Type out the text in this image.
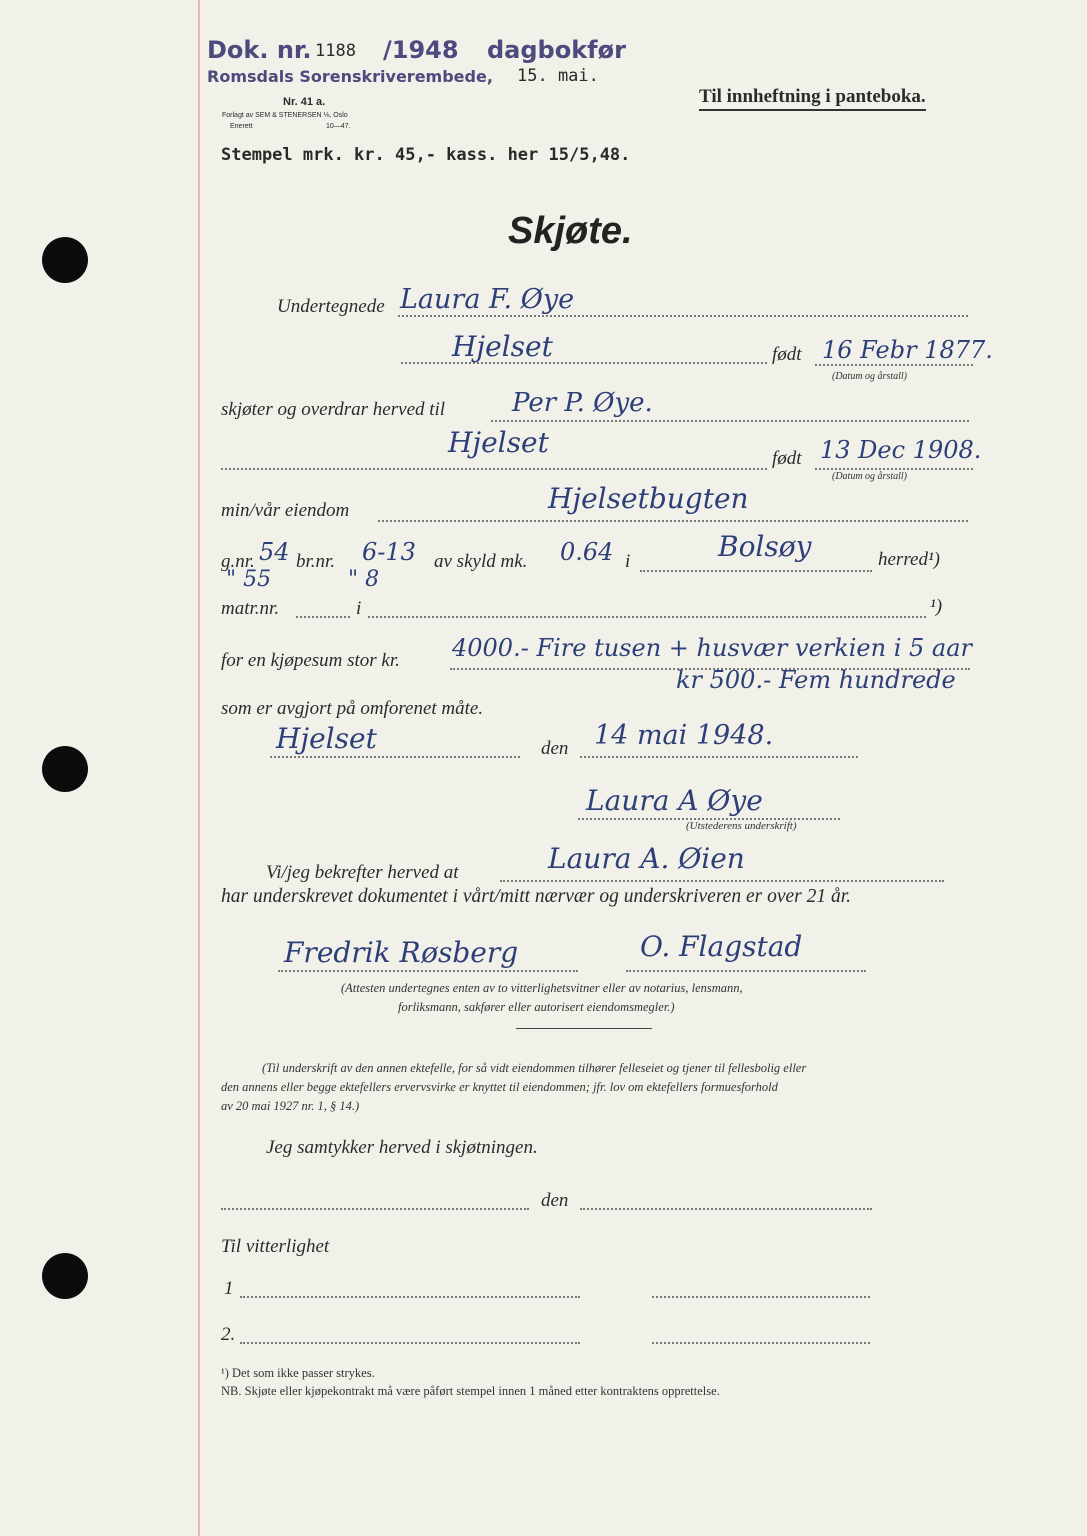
Dok. nr. 1188 /1948 dagbokfør
Romsdals Sorenskriverembede, 15. mai.
Nr. 41 a.
Forlagt av SEM & STENERSEN ⅛, Oslo
Enerett	10—47.
Til innheftning i panteboka.
Stempel mrk. kr. 45,- kass. her 15/5,48.
Skjøte.
Undertegnede Laura F. Øye
Hjelset	født 16 Febr 1877.
(Datum og årstall)
skjøter og overdrar herved til	Per P. Øye.
Hjelset	født 13 Dec 1908.
(Datum og årstall)
min/vår eiendom	Hjelsetbugten
g.nr. 54 br.nr. 6-13 av skyld mk. 0.64 i	Bolsøy	herred¹)
" 55	" 8
matr.nr.	i	¹)
for en kjøpesum stor kr. 4000.- Fire tusen + husvær verkien i 5 aar
kr 500.- Fem hundrede
som er avgjort på omforenet måte.
Hjelset	den 14 mai 1948.
Laura A Øye
(Utstederens underskrift)
Vi/jeg bekrefter herved at	Laura A. Øien
har underskrevet dokumentet i vårt/mitt nærvær og underskriveren er over 21 år.
Fredrik Røsberg	O. Flagstad
(Attesten undertegnes enten av to vitterlighetsvitner eller av notarius, lensmann,
forliksmann, sakfører eller autorisert eiendomsmegler.)
(Til underskrift av den annen ektefelle, for så vidt eiendommen tilhører felleseiet og tjener til fellesbolig eller
den annens eller begge ektefellers ervervsvirke er knyttet til eiendommen; jfr. lov om ektefellers formuesforhold
av 20 mai 1927 nr. 1, § 14.)
Jeg samtykker herved i skjøtningen.
den
Til vitterlighet
1
2.
¹) Det som ikke passer strykes.
NB. Skjøte eller kjøpekontrakt må være påført stempel innen 1 måned etter kontraktens opprettelse.
